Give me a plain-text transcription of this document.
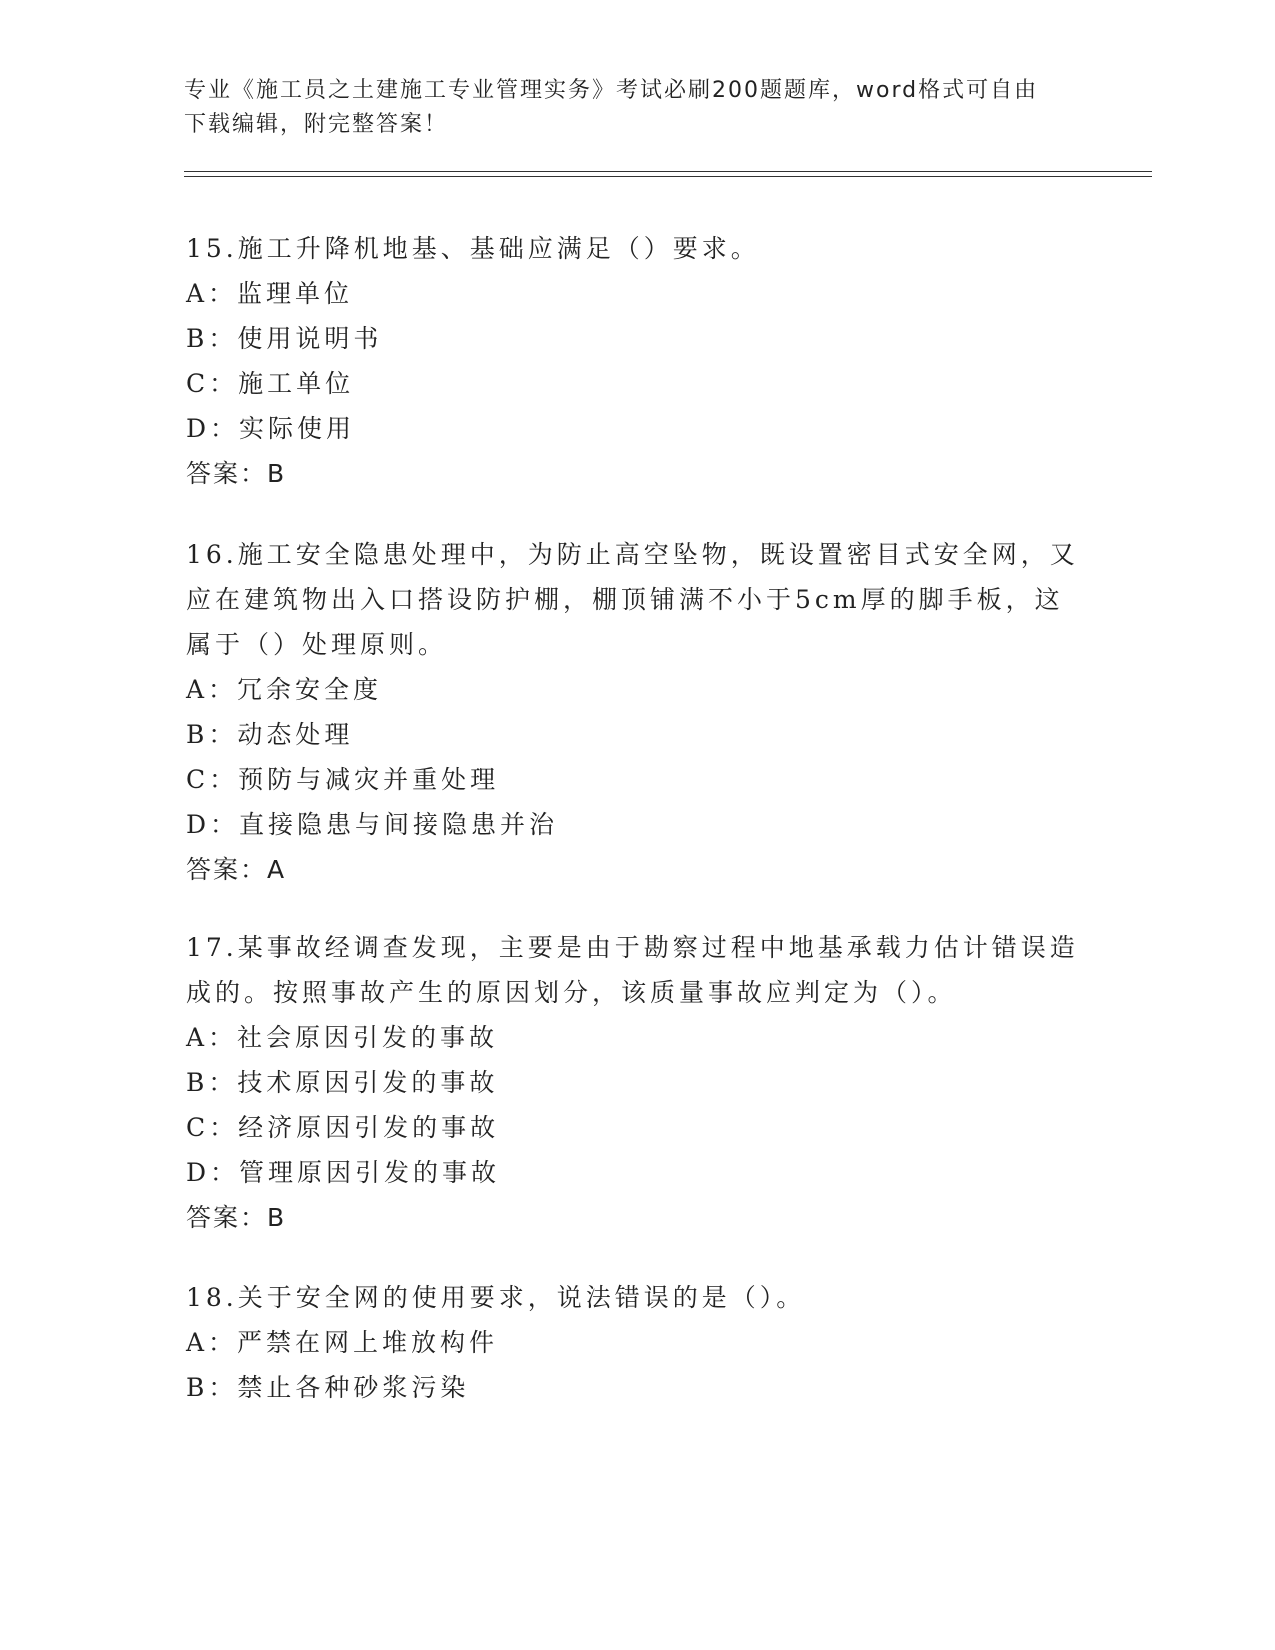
专业《施工员之土建施工专业管理实务》考试必刷200题题库，word格式可自由
下载编辑，附完整答案！
15.施工升降机地基、基础应满足（）要求。
A：监理单位
B：使用说明书
C：施工单位
D：实际使用
答案：B
16.施工安全隐患处理中，为防止高空坠物，既设置密目式安全网，又应在建筑物出入口搭设防护棚，棚顶铺满不小于5cm厚的脚手板，这属于（）处理原则。
A：冗余安全度
B：动态处理
C：预防与减灾并重处理
D：直接隐患与间接隐患并治
答案：A
17.某事故经调查发现，主要是由于勘察过程中地基承载力估计错误造成的。按照事故产生的原因划分，该质量事故应判定为（）。
A：社会原因引发的事故
B：技术原因引发的事故
C：经济原因引发的事故
D：管理原因引发的事故
答案：B
18.关于安全网的使用要求，说法错误的是（）。
A：严禁在网上堆放构件
B：禁止各种砂浆污染
